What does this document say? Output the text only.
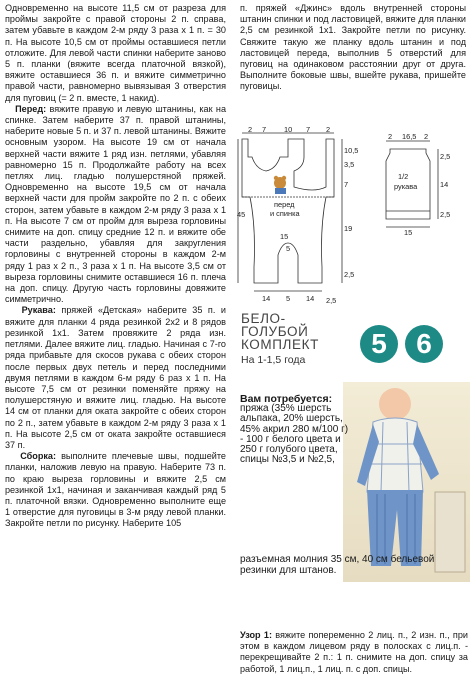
Одновременно на высоте 11,5 см от разреза для проймы закройте с правой стороны 2 п. справа, затем убавьте в каждом 2-м ряду 3 раза х 1 п. = 30 п. На высоте 10,5 см от проймы оставшиеся петли отложите. Для левой части спинки наберите заново 5 п. планки (вяжите всегда платочной вязкой), вяжите оставшиеся 36 п. и вяжите симметрично правой части, равномерно вывязывая 3 отверстия для пуговиц (= 2 п. вместе, 1 накид).

Перед: вяжите правую и левую штанины, как на спинке. Затем наберите 37 п. правой штанины, наберите новые 5 п. и 37 п. левой штанины. Вяжите основным узором. На высоте 19 см от начала верхней части вяжите 1 ряд изн. петлями, убавляя равномерно 15 п. Продолжайте работу на всех петлях лиц. гладью полушерстяной пряжей. Одновременно на высоте 19,5 см от начала верхней части для пройм закройте по 2 п. с обеих сторон, затем убавьте в каждом 2-м ряду 3 раза х 1 п. На высоте 7 см от пройм для выреза горловины снимите на доп. спицу средние 12 п. и вяжите обе части раздельно, убавляя для закругления горловины с внутренней стороны в каждом 2-м ряду 1 раз х 2 п., 3 раза х 1 п. На высоте 3,5 см от выреза горловины снимите оставшиеся 16 п. плеча на доп. спицу. Другую часть горловины довяжите симметрично.

Рукава: пряжей «Детская» наберите 35 п. и вяжите для планки 4 ряда резинкой 2х2 и 8 рядов резинкой 1х1. Затем провяжите 2 ряда изн. петлями. Далее вяжите лиц. гладью. Начиная с 7-го ряда прибавьте для скосов рукава с обеих сторон после первых двух петель и перед последними двумя петлями в каждом 6-м ряду 6 раз х 1 п. На высоте 7,5 см от резинки поменяйте пряжу на полушерстяную и вяжите лиц. гладью. На высоте 14 см от планки для оката закройте с обеих сторон по 2 п., затем убавьте в каждом 2-м ряду 3 раза х 1 п. На высоте 2,5 см от оката закройте оставшиеся 37 п.

Сборка: выполните плечевые швы, подшейте планки, наложив левую на правую. Наберите 73 п. по краю выреза горловины и вяжите 2,5 см резинкой 1х1, начиная и заканчивая каждый ряд 5 п. платочной вязки. Одновременно выполните еще 1 отверстие для пуговицы в 3-м ряду левой планки. Закройте петли по рисунку. Наберите 105

п. пряжей «Джинс» вдоль внутренней стороны штанин спинки и под ластовицей, вяжите для планки 2,5 см резинкой 1х1. Закройте петли по рисунку. Свяжите такую же планку вдоль штанин и под ластовицей переда, выполнив 5 отверстий для пуговиц на одинаковом расстоянии друг от друга. Выполните боковые швы, вшейте рукава, пришейте пуговицы.

2 7 10 7 2
2 16,5 2
10,5
3,5
7
19
2,5
14
2,5
1/2
рукава
15
перед
и спинка
15
5
14 5 14
2,5
2,5
45
БЕЛО-
ГОЛУБОЙ
КОМПЛЕКТ
На 1-1,5 года
5	6
Вам потребуется:
пряжа (35% шерсть альпака, 20% шерсть, 45% акрил 280 м/100 г) - 100 г белого цвета и 250 г голубого цвета, спицы №3,5 и №2,5,
разъемная молния 35 см, 40 см бельевой резинки для штанов.
Узор 1: вяжите попеременно 2 лиц. п., 2 изн. п., при этом в каждом лицевом ряду в полосках с лиц.п. - перекрещивайте 2 п.: 1 п. снимите на доп. спицу за работой, 1 лиц.п., 1 лиц. п. с доп. спицы.
